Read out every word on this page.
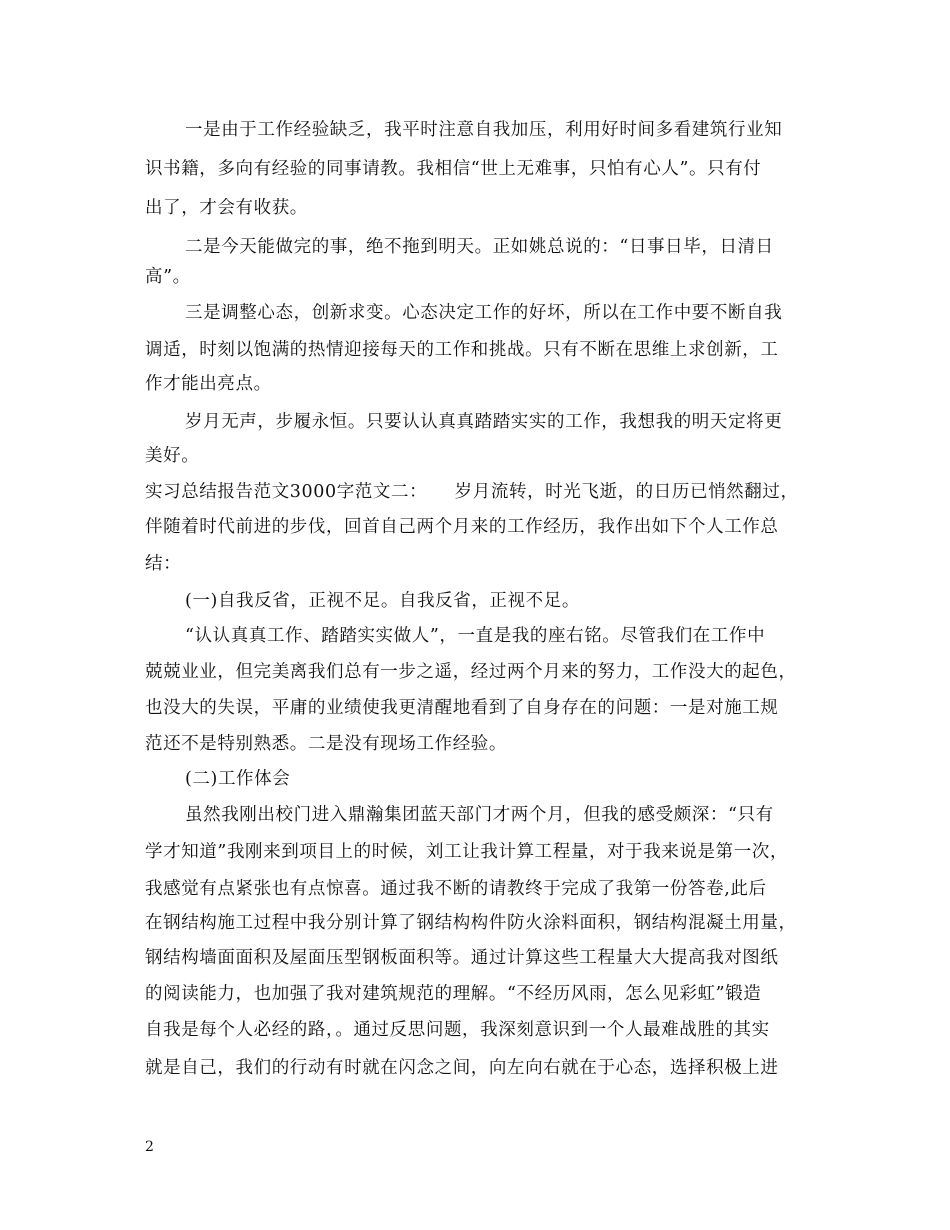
一是由于工作经验缺乏，我平时注意自我加压，利用好时间多看建筑行业知
识书籍，多向有经验的同事请教。我相信“世上无难事，只怕有心人”。只有付
出了，才会有收获。
二是今天能做完的事，绝不拖到明天。正如姚总说的：“日事日毕，日清日
高”。
三是调整心态，创新求变。心态决定工作的好坏，所以在工作中要不断自我
调适，时刻以饱满的热情迎接每天的工作和挑战。只有不断在思维上求创新，工
作才能出亮点。
岁月无声，步履永恒。只要认认真真踏踏实实的工作，我想我的明天定将更
美好。
实习总结报告范文3000字范文二：　　岁月流转，时光飞逝，的日历已悄然翻过，
伴随着时代前进的步伐，回首自己两个月来的工作经历，我作出如下个人工作总
结：
(一)自我反省，正视不足。自我反省，正视不足。
“认认真真工作、踏踏实实做人”，一直是我的座右铭。尽管我们在工作中
兢兢业业，但完美离我们总有一步之遥，经过两个月来的努力，工作没大的起色，
也没大的失误，平庸的业绩使我更清醒地看到了自身存在的问题：一是对施工规
范还不是特别熟悉。二是没有现场工作经验。
(二)工作体会
虽然我刚出校门进入鼎瀚集团蓝天部门才两个月，但我的感受颇深：“只有
学才知道”我刚来到项目上的时候，刘工让我计算工程量，对于我来说是第一次，
我感觉有点紧张也有点惊喜。通过我不断的请教终于完成了我第一份答卷,此后
在钢结构施工过程中我分别计算了钢结构构件防火涂料面积，钢结构混凝土用量，
钢结构墙面面积及屋面压型钢板面积等。通过计算这些工程量大大提高我对图纸
的阅读能力，也加强了我对建筑规范的理解。“不经历风雨，怎么见彩虹”锻造
自我是每个人必经的路，。通过反思问题，我深刻意识到一个人最难战胜的其实
就是自己，我们的行动有时就在闪念之间，向左向右就在于心态，选择积极上进
2
